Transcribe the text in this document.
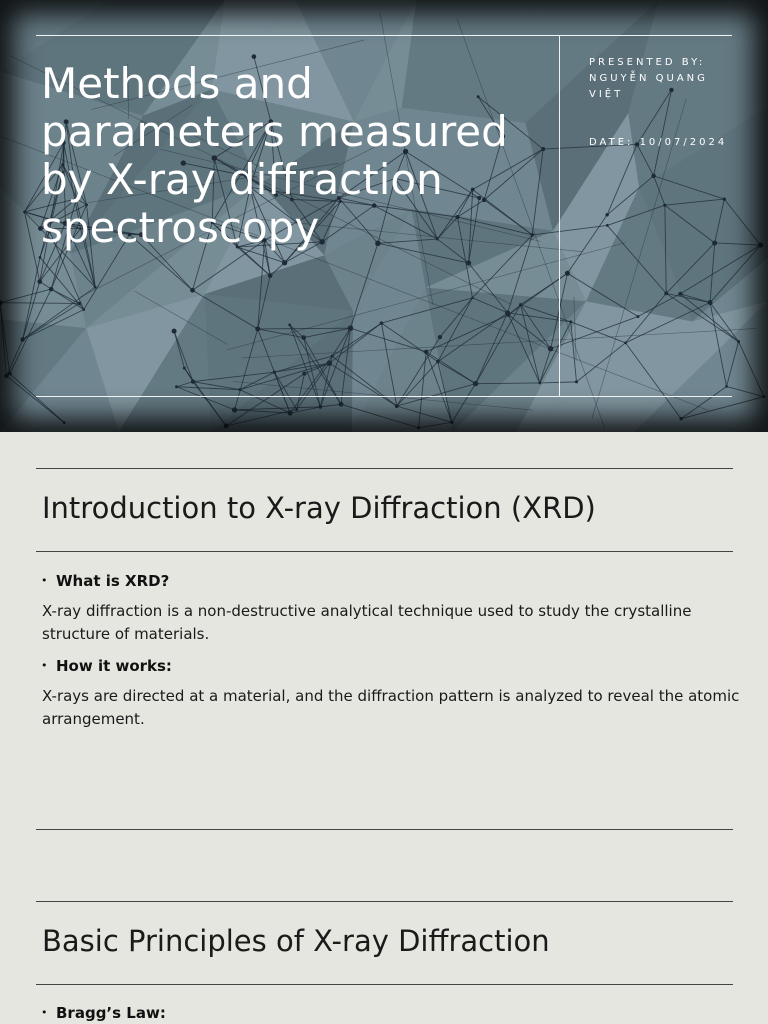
Methods and parameters measured by X-ray diffraction spectroscopy
PRESENTED BY:
NGUYỄN QUANG VIỆT
DATE: 10/07/2024
Introduction to X-ray Diffraction (XRD)
• What is XRD?
X-ray diffraction is a non-destructive analytical technique used to study the crystalline structure of materials.
• How it works:
X-rays are directed at a material, and the diffraction pattern is analyzed to reveal the atomic arrangement.
Basic Principles of X-ray Diffraction
• Bragg’s Law:
